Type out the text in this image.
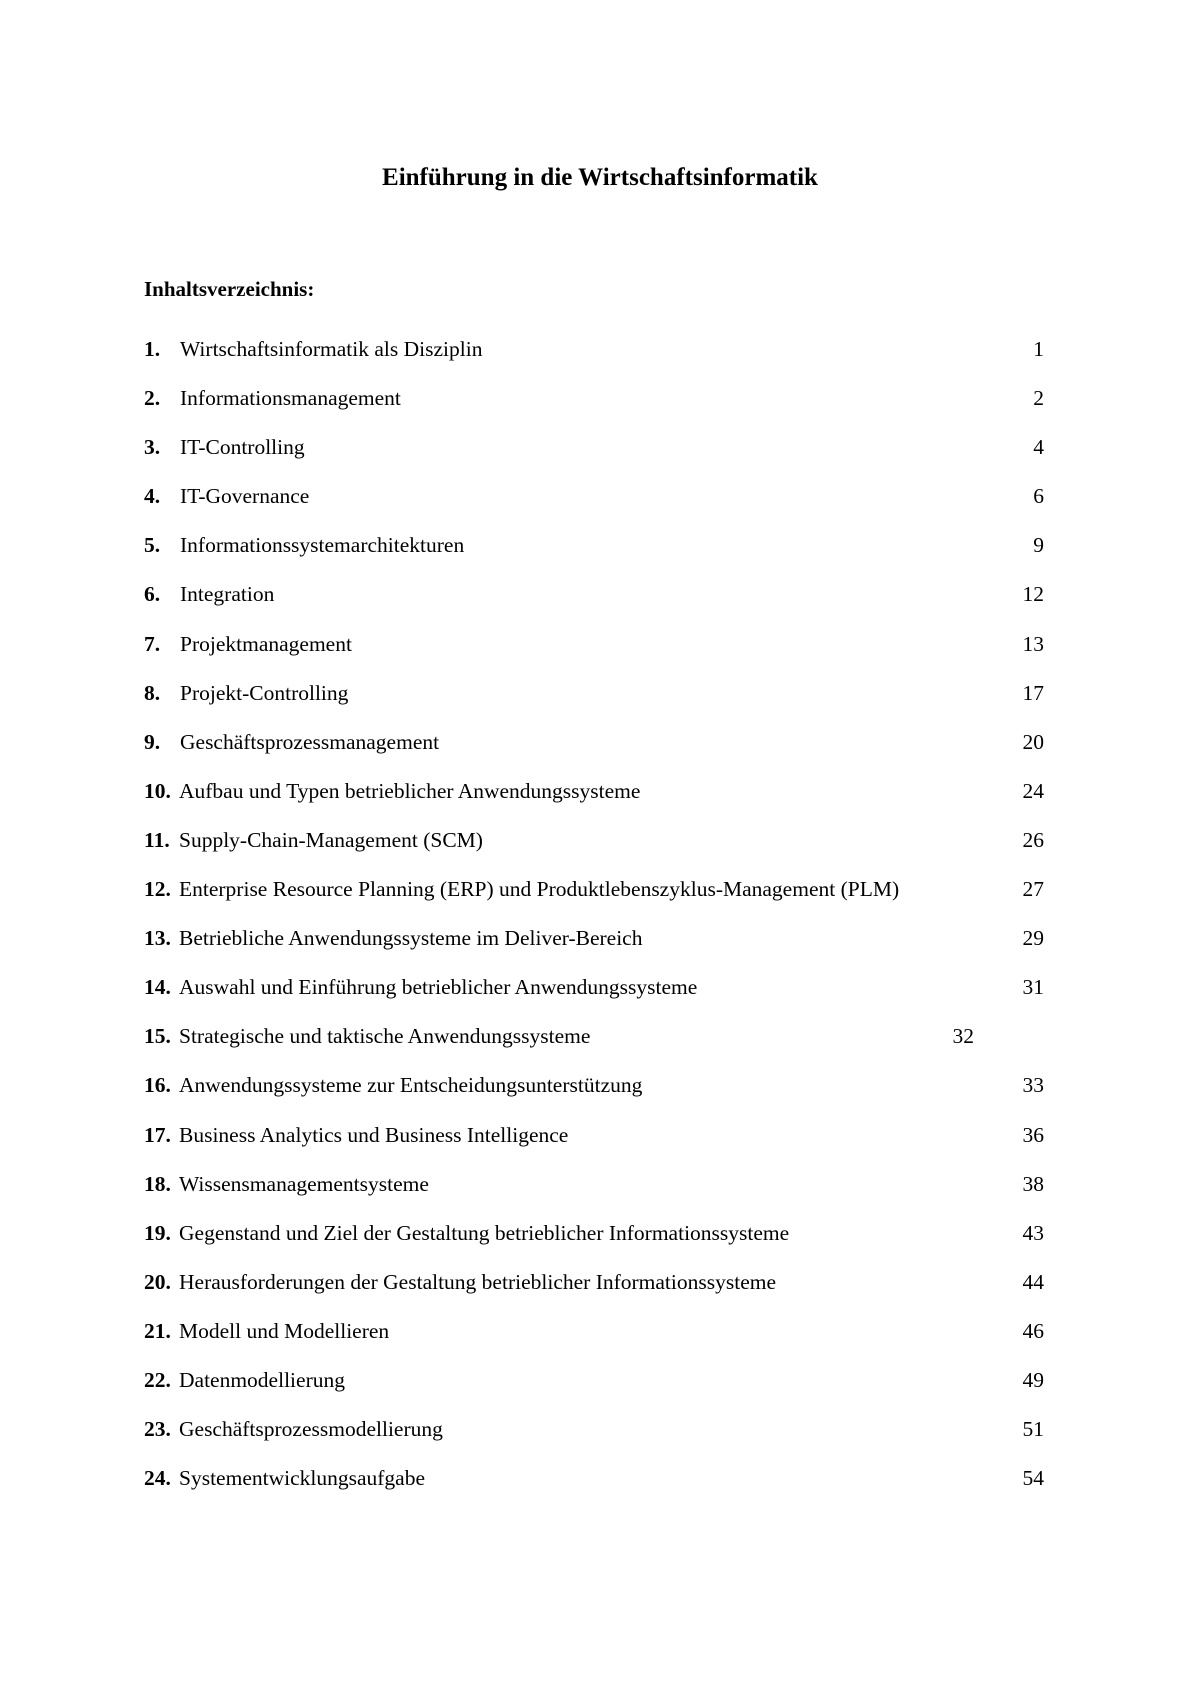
Einführung in die Wirtschaftsinformatik
Inhaltsverzeichnis:
1. Wirtschaftsinformatik als Disziplin	1
2. Informationsmanagement	2
3. IT-Controlling	4
4. IT-Governance	6
5. Informationssystemarchitekturen	9
6. Integration	12
7. Projektmanagement	13
8. Projekt-Controlling	17
9. Geschäftsprozessmanagement	20
10. Aufbau und Typen betrieblicher Anwendungssysteme	24
11. Supply-Chain-Management (SCM)	26
12. Enterprise Resource Planning (ERP) und Produktlebenszyklus-Management (PLM)	27
13. Betriebliche Anwendungssysteme im Deliver-Bereich	29
14. Auswahl und Einführung betrieblicher Anwendungssysteme	31
15. Strategische und taktische Anwendungssysteme	32
16. Anwendungssysteme zur Entscheidungsunterstützung	33
17. Business Analytics und Business Intelligence	36
18. Wissensmanagementsysteme	38
19. Gegenstand und Ziel der Gestaltung betrieblicher Informationssysteme	43
20. Herausforderungen der Gestaltung betrieblicher Informationssysteme	44
21. Modell und Modellieren	46
22. Datenmodellierung	49
23. Geschäftsprozessmodellierung	51
24. Systementwicklungsaufgabe	54
